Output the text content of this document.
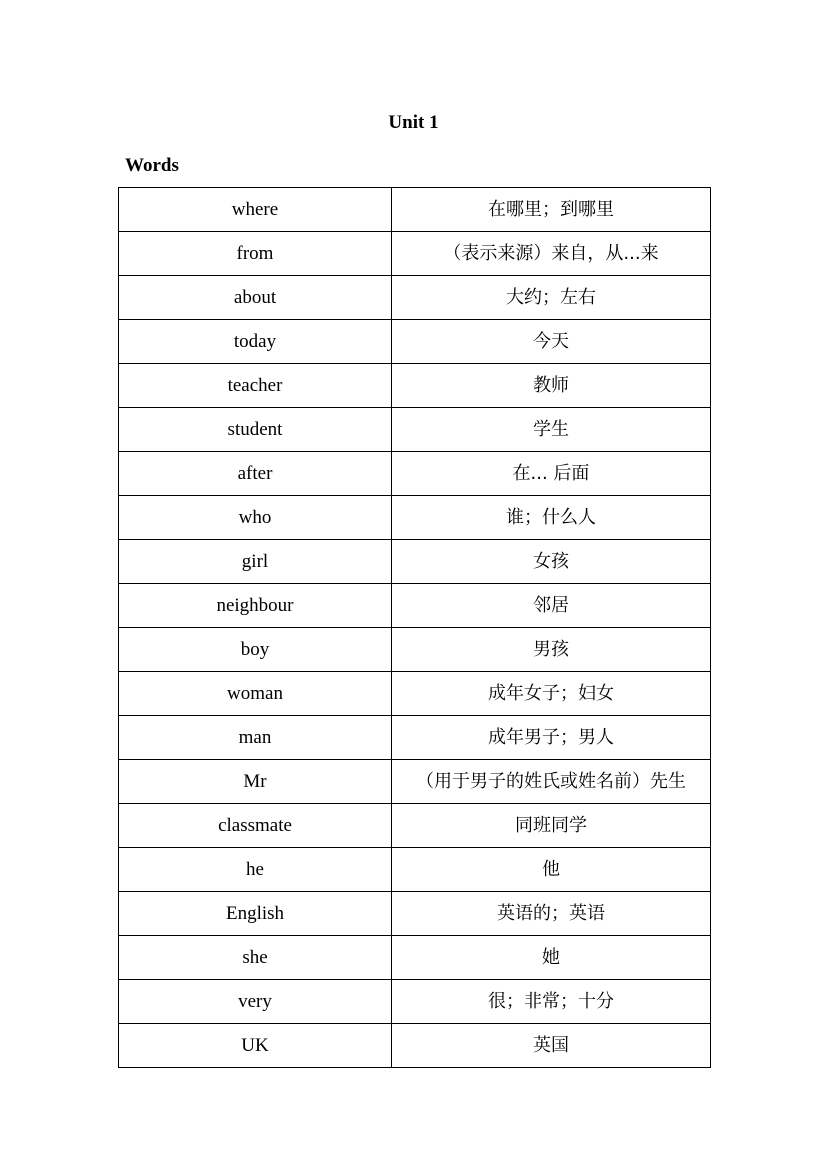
Unit 1
Words
where	在哪里；到哪里
from	（表示来源）来自，从...来
about	大约；左右
today	今天
teacher	教师
student	学生
after	在... 后面
who	谁；什么人
girl	女孩
neighbour	邻居
boy	男孩
woman	成年女子；妇女
man	成年男子；男人
Mr	（用于男子的姓氏或姓名前）先生
classmate	同班同学
he	他
English	英语的；英语
she	她
very	很；非常；十分
UK	英国
